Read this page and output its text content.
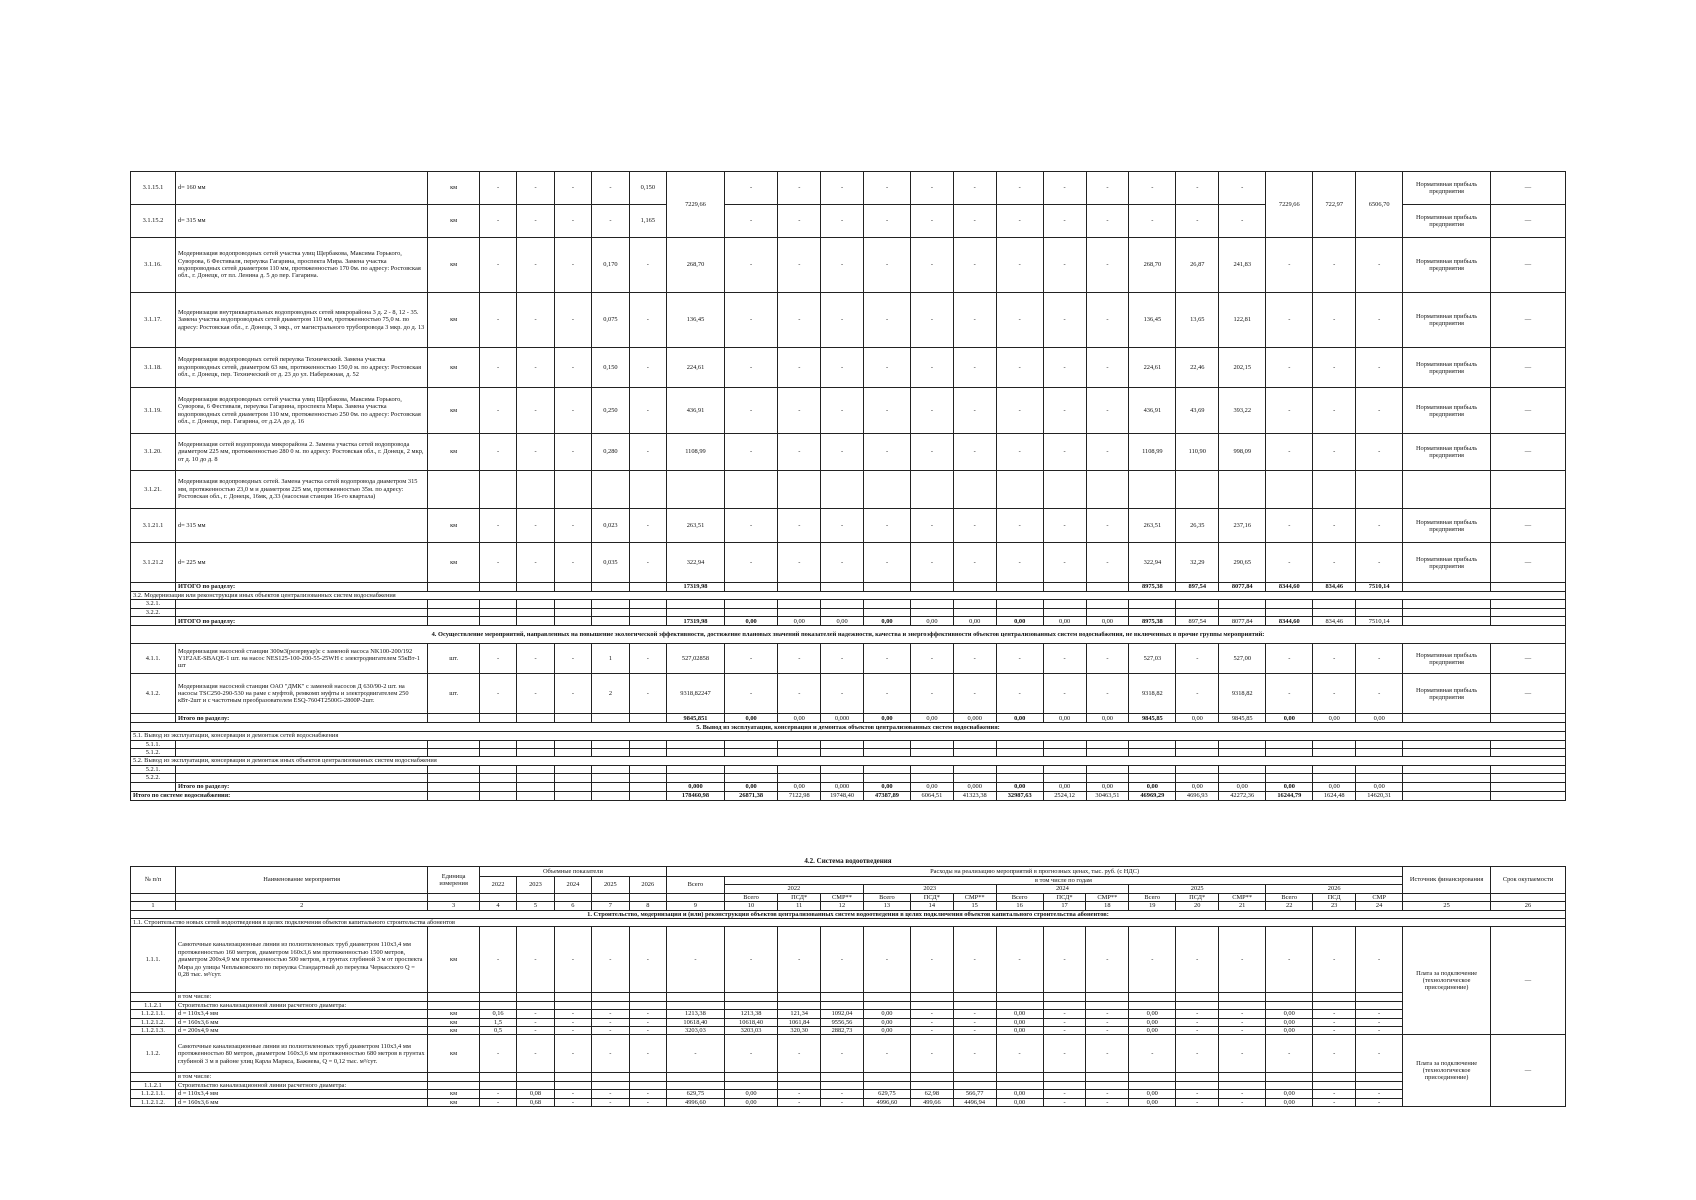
3.1.15.1	d= 160 мм	км	-	-	-	-	0,150	7229,66	-	-	-	-	-	-	-	-	-	-	-	-	7229,66	722,97	6506,70	Нормативная прибыль предприятия	—
3.1.15.2	d= 315 мм	км	-	-	-	-	1,165		-	-	-	-	-	-	-	-	-	-	-	-				Нормативная прибыль предприятия	—
3.1.16.	Модернизация водопроводных сетей участка улиц Щербакова, Максима Горького, Суворова, 6 Фестиваля, переулка Гагарина, проспекта Мира. Замена участка водопроводных сетей диаметром 110 мм, протяженностью 170 0м. по адресу: Ростовская обл., г. Донецк, от пл. Ленина д. 5 до пер. Гагарина.	км	-	-	-	0,170	-	268,70	-	-	-	-	-	-	-	-	-	268,70	26,87	241,83	-	-	-	Нормативная прибыль предприятия	—
3.1.17.	Модернизация внутриквартальных водопроводных сетей микрорайона 3 д. 2 - 8, 12 - 35. Замена участка водопроводных сетей диаметром 110 мм, протяженностью 75,0 м. по адресу: Ростовская обл., г. Донецк, 3 мкр., от магистрального трубопровода 3 мкр. до д. 13	км	-	-	-	0,075	-	136,45	-	-	-	-	-	-	-	-	-	136,45	13,65	122,81	-	-	-	Нормативная прибыль предприятия	—
3.1.18.	Модернизация водопроводных сетей переулка Технический. Замена участка водопроводных сетей, диаметром 63 мм, протяженностью 150,0 м. по адресу: Ростовская обл., г. Донецк, пер. Технический от д. 23 до ул. Набережная, д. 52	км	-	-	-	0,150	-	224,61	-	-	-	-	-	-	-	-	-	224,61	22,46	202,15	-	-	-	Нормативная прибыль предприятия	—
3.1.19.	Модернизация водопроводных сетей участка улиц Щербакова, Максима Горького, Суворова, 6 Фестиваля, переулка Гагарина, проспекта Мира. Замена участка водопроводных сетей диаметром 110 мм, протяженностью 250 0м. по адресу: Ростовская обл., г. Донецк, пер. Гагарина, от д.2А до д. 16	км	-	-	-	0,250	-	436,91	-	-	-	-	-	-	-	-	-	436,91	43,69	393,22	-	-	-	Нормативная прибыль предприятия	—
3.1.20.	Модернизация сетей водопровода микрорайона 2. Замена участка сетей водопровода диаметром 225 мм, протяженностью 280 0 м. по адресу: Ростовская обл., г. Донецк, 2 мкр, от д. 10 до д. 8	км	-	-	-	0,280	-	1108,99	-	-	-	-	-	-	-	-	-	1108,99	110,90	998,09	-	-	-	Нормативная прибыль предприятия	—
3.1.21.	Модернизация водопроводных сетей. Замена участка сетей водопровода диаметром 315 мм, протяженностью 23,0 м и диаметром 225 мм, протяженностью 35м. по адресу: Ростовская обл., г. Донецк, 16мк, д.33 (насосная станция 16-го квартала)																								
3.1.21.1	d= 315 мм	км	-	-	-	0,023	-	263,51	-	-	-	-	-	-	-	-	-	263,51	26,35	237,16	-	-	-	Нормативная прибыль предприятия	—
3.1.21.2	d= 225 мм	км	-	-	-	0,035	-	322,94	-	-	-	-	-	-	-	-	-	322,94	32,29	290,65	-	-	-	Нормативная прибыль предприятия	—
	ИТОГО по разделу:							17319,98										8975,38	897,54	8077,84	8344,60	834,46	7510,14		
3.2. Модернизация или реконструкция иных объектов централизованных систем водоснабжения																									
3.2.1.																									
3.2.2.																									
	ИТОГО по разделу:							17319,98	0,00	0,00	0,00	0,00	0,00	0,00	0,00	0,00	0,00	8975,38	897,54	8077,84	8344,60	834,46	7510,14		
4. Осуществление мероприятий, направленных на повышение экологической эффективности, достижение плановых значений показателей надежности, качества и энергоэффективности объектов централизованных систем водоснабжения, не включенных в прочие группы мероприятий:																									
4.1.1.	Модернизация насосной станции 300м3(резервуар)с с заменой насоса NK100-200/192 Y1F2AE-SBAQE-1 шт. на насос NES125-100-200-55-25WH с электродвигателем 55кВт-1 шт	шт.	-	-	-	1	-	527,02858	-	-	-	-	-	-	-	-	-	527,03	-	527,00	-	-	-	Нормативная прибыль предприятия	—
4.1.2.	Модернизация насосной станции ОАО "ДМК" с заменой насосов Д 630/90-2 шт. на насосы TSC250-290-530 на раме с муфтой, ремкомп муфты и электродвигателем 250 кВт-2шт и с частотным преобразователем ESQ-7604T2500G-2800P-2шт.	шт.	-	-	-	2	-	9318,82247	-	-	-	-	-	-	-	-	-	9318,82	-	9318,82	-	-	-	Нормативная прибыль предприятия	—
	Итого по разделу:							9845,851	0,00	0,00	0,000	0,00	0,00	0,000	0,00	0,00	0,00	9845,85	0,00	9845,85	0,00	0,00	0,00		
5. Вывод из эксплуатации, консервация и демонтаж объектов централизованных систем водоснабжения:																									
5.1. Вывод из эксплуатации, консервация и демонтаж сетей водоснабжения																									
5.1.1.																									
5.1.2.																									
5.2. Вывод из эксплуатации, консервация и демонтаж иных объектов централизованных систем водоснабжения																									
5.2.1.																									
5.2.2.																									
	Итого по разделу:							0,000	0,00	0,00	0,000	0,00	0,00	0,000	0,00	0,00	0,00	0,00	0,00	0,00	0,00	0,00	0,00		
Итого по системе водоснабжения:								178460,98	26871,38	7122,98	19748,40	47387,89	6064,51	41323,38	32987,63	2524,12	30463,51	46969,29	4696,93	42272,36	16244,79	1624,48	14620,31		
4.2. Система водоотведения
№ п/п	Наименование мероприятия	Единица измерения	Объемные показатели					Расходы на реализацию мероприятий в прогнозных ценах, тыс. руб. (с НДС)																Источник финансирования	Срок окупаемости
			2022	2023	2024	2025	2026	Всего	в том числе по годам																
									2022			2023			2024			2025			2026				
									Всего	ПСД*	СМР**	Всего	ПСД*	СМР**	Всего	ПСД*	СМР**	Всего	ПСД*	СМР**	Всего	ПСД	СМР		
1	2	3	4	5	6	7	8	9	10	11	12	13	14	15	16	17	18	19	20	21	22	23	24	25	26
1. Строительство, модернизация и (или) реконструкция объектов централизованных систем водоотведения в целях подключения объектов капитального строительства абонентов:																									
1.1. Строительство новых сетей водоотведения в целях подключения объектов капитального строительства абонентов																									
1.1.1.	Самотечные канализационные линии из полиэтиленовых труб диаметром 110х3,4 мм протяженностью 160 метров, диаметром 160х3,6 мм протяженностью 1500 метров, диаметром 200х4,9 мм протяженностью 500 метров, в грунтах глубиной 3 м от проспекта Мира до улицы Чеплыковского по переулка Стандартный до переулка Черкасского Q = 0,28 тыс. м³/сут.	км	-	-	-	-	-	-	-	-	-	-	-	-	-	-	-	-	-	-	-	-	-	Плата за подключение (технологическое присоединение)	—
	в том числе:																								
1.1.2.1	Строительство канализационной линии расчетного диаметра:																								
1.1.2.1.1.	d = 110х3,4 мм	км	0,16	-	-	-	-	1213,38	1213,38	121,34	1092,04	0,00	-	-	0,00	-	-	0,00	-	-	0,00	-	-		
1.1.2.1.2.	d = 160х3,6 мм	км	1,5	-	-	-	-	10618,40	10618,40	1061,84	9556,56	0,00	-	-	0,00	-	-	0,00	-	-	0,00	-	-		
1.1.2.1.3.	d = 200х4,9 мм	км	0,5	-	-	-	-	3203,03	3203,03	320,30	2882,73	0,00	-	-	0,00	-	-	0,00	-	-	0,00	-	-		
1.1.2.	Самотечные канализационные линии из полиэтиленовых труб диаметром 110х3,4 мм протяженностью 80 метров, диаметром 160х3,6 мм протяженностью 680 метров в грунтах глубиной 3 м в районе улиц Карла Маркса, Бажиева, Q = 0,12 тыс. м³/сут.	км	-	-	-	-	-	-	-	-	-	-	-	-	-	-	-	-	-	-	-	-	-	Плата за подключение (технологическое присоединение)	—
	в том числе:																								
1.1.2.1	Строительство канализационной линии расчетного диаметра:																								
1.1.2.1.1.	d = 110х3,4 мм	км	-	0,08	-	-	-	629,75	0,00	-	-	629,75	62,98	566,77	0,00	-	-	0,00	-	-	0,00	-	-		
1.1.2.1.2.	d = 160х3,6 мм	км	-	0,68	-	-	-	4996,60	0,00	-	-	4996,60	499,66	4496,94	0,00	-	-	0,00	-	-	0,00	-	-		
